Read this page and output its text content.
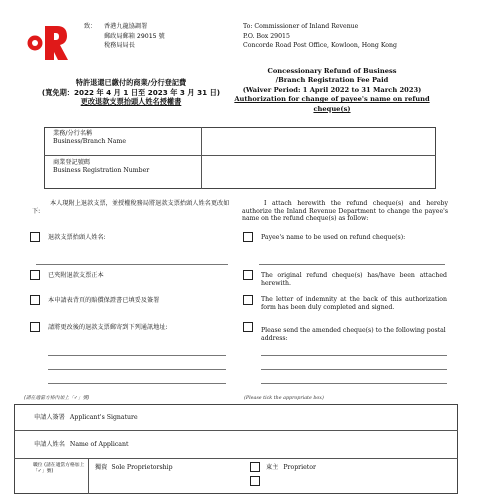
致： 香港九龍協調署
郵政局郵箱 29015 號
稅務局局長
To: Commissioner of Inland Revenue
P.O. Box 29015
Concorde Road Post Office, Kowloon, Hong Kong
特許退還已繳付的商業/分行登記費
(寬免期：2022 年 4 月 1 日至 2023 年 3 月 31 日)
更改退款支票抬頭人姓名授權書
Concessionary Refund of Business
/Branch Registration Fee Paid
(Waiver Period: 1 April 2022 to 31 March 2023)
Authorization for change of payee's name on refund
cheque(s)
業務/分行名稱
Business/Branch Name
商業登記號碼
Business Registration Number
本人現附上退款支票，並授權稅務局將退款支票抬頭人姓名更改如下:
I attach herewith the refund cheque(s) and hereby authorize the Inland Revenue Department to change the payee's name on the refund cheque(s) as follow:
退款支票抬頭人姓名:	Payee's name to be used on refund cheque(s):
已夾附退款支票正本	The original refund cheque(s) has/have been attached herewith.
本申請表背頁的賠償保證書已填妥及簽署	The letter of indemnity at the back of this authorization form has been duly completed and signed.
請將更改後的退款支票郵寄到下列通訊地址:	Please send the amended cheque(s) to the following postal address:
(請在適當方格內加上「✓」號)	(Please tick the appropriate box)
申請人簽署 Applicant's Signature
申請人姓名 Name of Applicant
職位 (請在適當方格加上「✓」號)
獨資 Sole Proprietorship	東主 Proprietor
